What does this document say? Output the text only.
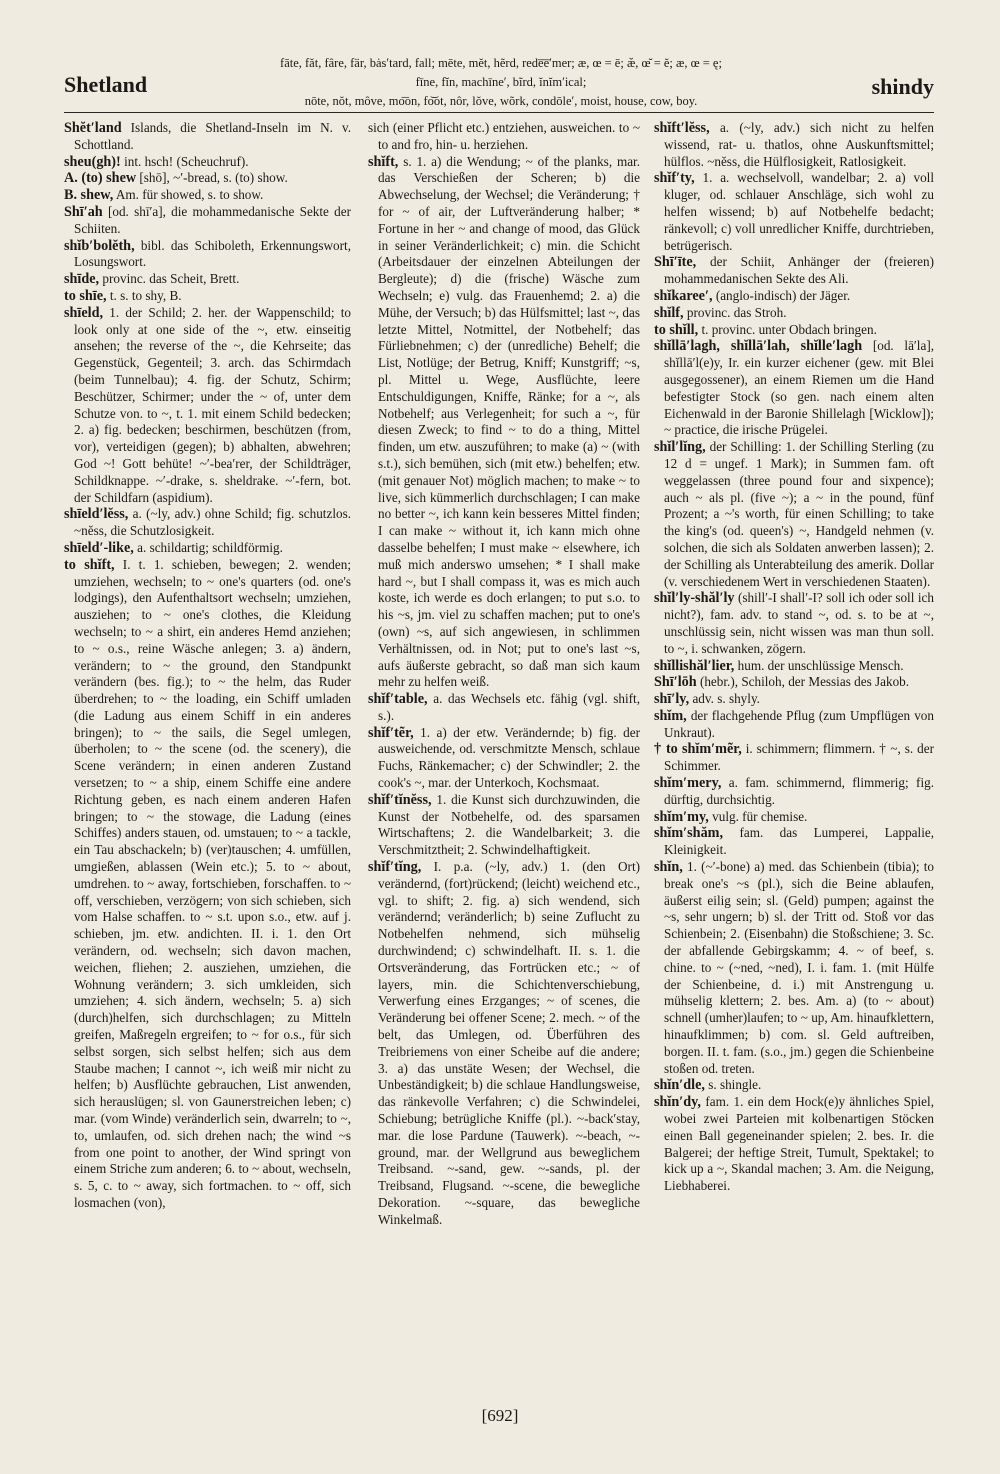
Shetland
fāte, făt, fâre, fär, bȧs′tard, fall; mēte, mĕt, hẽrd, rede̅e̅′mer; æ, œ = ē; æ̆, œ̆ = ĕ; æ, œ = ę;
fīne, fĭn, machīne′, bĩrd, ĭnĭm′ical;
nōte, nŏt, môve, mo͞on, fo͝ot, nôr, lŏve, wõrk, condōle′, moist, house, cow, boy.
shindy
Shĕt′land Islands, die Shetland-Inseln im N. v. Schottland.
sheu(gh)! int. hsch! (Scheuchruf).
A. (to) shew [shō], ~′-bread, s. (to) show.
B. shew, Am. für showed, s. to show.
Shī′ah [od. shī′a], die mohammedanische Sekte der Schiiten.
shĭb′bolĕth, bibl. das Schiboleth, Erkennungswort, Losungswort.
shīde, provinc. das Scheit, Brett.
to shīe, t. s. to shy, B.
shīeld, 1. der Schild; 2. her. der Wappenschild; to look only at one side of the ~, etw. einseitig ansehen; the reverse of the ~, die Kehrseite; das Gegenstück, Gegenteil; 3. arch. das Schirmdach (beim Tunnelbau); 4. fig. der Schutz, Schirm; Beschützer, Schirmer; under the ~ of, unter dem Schutze von. to ~, t. 1. mit einem Schild bedecken; 2. a) fig. bedecken; beschirmen, beschützen (from, vor), verteidigen (gegen); b) abhalten, abwehren; God ~! Gott behüte! ~′-bea′rer, der Schildträger, Schildknappe. ~′-drake, s. sheldrake. ~′-fern, bot. der Schildfarn (aspidium).
shīeld′lĕss, a. (~ly, adv.) ohne Schild; fig. schutzlos. ~nĕss, die Schutzlosigkeit.
shīeld′-like, a. schildartig; schildförmig.
to shĭft, I. t. 1. schieben, bewegen; 2. wenden; umziehen, wechseln; to ~ one's quarters (od. one's lodgings), den Aufenthaltsort wechseln; umziehen, ausziehen; to ~ one's clothes, die Kleidung wechseln; to ~ a shirt, ein anderes Hemd anziehen; to ~ o.s., reine Wäsche anlegen; 3. a) ändern, verändern; to ~ the ground, den Standpunkt verändern (bes. fig.); to ~ the helm, das Ruder überdrehen; to ~ the loading, ein Schiff umladen (die Ladung aus einem Schiff in ein anderes bringen); to ~ the sails, die Segel umlegen, überholen; to ~ the scene (od. the scenery), die Scene verändern; in einen anderen Zustand versetzen; to ~ a ship, einem Schiffe eine andere Richtung geben, es nach einem anderen Hafen bringen; to ~ the stowage, die Ladung (eines Schiffes) anders stauen, od. umstauen; to ~ a tackle, ein Tau abschackeln; b) (ver)tauschen; 4. umfüllen, umgießen, ablassen (Wein etc.); 5. to ~ about, umdrehen. to ~ away, fortschieben, forschaffen. to ~ off, verschieben, verzögern; von sich schieben, sich vom Halse schaffen. to ~ s.t. upon s.o., etw. auf j. schieben, jm. etw. andichten. II. i. 1. den Ort verändern, od. wechseln; sich davon machen, weichen, fliehen; 2. ausziehen, umziehen, die Wohnung verändern; 3. sich umkleiden, sich umziehen; 4. sich ändern, wechseln; 5. a) sich (durch)helfen, sich durchschlagen; zu Mitteln greifen, Maßregeln ergreifen; to ~ for o.s., für sich selbst sorgen, sich selbst helfen; sich aus dem Staube machen; I cannot ~, ich weiß mir nicht zu helfen; b) Ausflüchte gebrauchen, List anwenden, sich herauslügen; sl. von Gaunerstreichen leben; c) mar. (vom Winde) veränderlich sein, dwarreln; to ~, to, umlaufen, od. sich drehen nach; the wind ~s from one point to another, der Wind springt von einem Striche zum anderen; 6. to ~ about, wechseln, s. 5, c. to ~ away, sich fortmachen. to ~ off, sich losmachen (von),
sich (einer Pflicht etc.) entziehen, ausweichen. to ~ to and fro, hin- u. herziehen.
shĭft, s. 1. a) die Wendung; ~ of the planks, mar. das Verschießen der Scheren; b) die Abwechselung, der Wechsel; die Veränderung; † for ~ of air, der Luftveränderung halber; * Fortune in her ~ and change of mood, das Glück in seiner Veränderlichkeit; c) min. die Schicht (Arbeitsdauer der einzelnen Abteilungen der Bergleute); d) die (frische) Wäsche zum Wechseln; e) vulg. das Frauenhemd; 2. a) die Mühe, der Versuch; b) das Hülfsmittel; last ~, das letzte Mittel, Notmittel, der Notbehelf; das Fürliebnehmen; c) der (unredliche) Behelf; die List, Notlüge; der Betrug, Kniff; Kunstgriff; ~s, pl. Mittel u. Wege, Ausflüchte, leere Entschuldigungen, Kniffe, Ränke; for a ~, als Notbehelf; aus Verlegenheit; for such a ~, für diesen Zweck; to find ~ to do a thing, Mittel finden, um etw. auszuführen; to make (a) ~ (with s.t.), sich bemühen, sich (mit etw.) behelfen; etw. (mit genauer Not) möglich machen; to make ~ to live, sich kümmerlich durchschlagen; I can make no better ~, ich kann kein besseres Mittel finden; I can make ~ without it, ich kann mich ohne dasselbe behelfen; I must make ~ elsewhere, ich muß mich anderswo umsehen; * I shall make hard ~, but I shall compass it, was es mich auch koste, ich werde es doch erlangen; to put s.o. to his ~s, jm. viel zu schaffen machen; put to one's (own) ~s, auf sich angewiesen, in schlimmen Verhältnissen, od. in Not; put to one's last ~s, aufs äußerste gebracht, so daß man sich kaum mehr zu helfen weiß.
shĭf′table, a. das Wechsels etc. fähig (vgl. shift, s.).
shĭf′tẽr, 1. a) der etw. Verändernde; b) fig. der ausweichende, od. verschmitzte Mensch, schlaue Fuchs, Ränkemacher; c) der Schwindler; 2. the cook's ~, mar. der Unterkoch, Kochsmaat.
shĭf′tĭnĕss, 1. die Kunst sich durchzuwinden, die Kunst der Notbehelfe, od. des sparsamen Wirtschaftens; 2. die Wandelbarkeit; 3. die Verschmitztheit; 2. Schwindelhaftigkeit.
shĭf′tĭng, I. p.a. (~ly, adv.) 1. (den Ort) verändernd, (fort)rückend; (leicht) weichend etc., vgl. to shift; 2. fig. a) sich wendend, sich verändernd; veränderlich; b) seine Zuflucht zu Notbehelfen nehmend, sich mühselig durchwindend; c) schwindelhaft. II. s. 1. die Ortsveränderung, das Fortrücken etc.; ~ of layers, min. die Schichtenverschiebung, Verwerfung eines Erzganges; ~ of scenes, die Veränderung bei offener Scene; 2. mech. ~ of the belt, das Umlegen, od. Überführen des Treibriemens von einer Scheibe auf die andere; 3. a) das unstäte Wesen; der Wechsel, die Unbeständigkeit; b) die schlaue Handlungsweise, das ränkevolle Verfahren; c) die Schwindelei, Schiebung; betrügliche Kniffe (pl.). ~-back′stay, mar. die lose Pardune (Tauwerk). ~-beach, ~-ground, mar. der Wellgrund aus beweglichem Treibsand. ~-sand, gew. ~-sands, pl. der Treibsand, Flugsand. ~-scene, die bewegliche Dekoration. ~-square, das bewegliche Winkelmaß.
shĭft′lĕss, a. (~ly, adv.) sich nicht zu helfen wissend, rat- u. thatlos, ohne Auskunftsmittel; hülflos. ~nĕss, die Hülflosigkeit, Ratlosigkeit.
shĭf′ty, 1. a. wechselvoll, wandelbar; 2. a) voll kluger, od. schlauer Anschläge, sich wohl zu helfen wissend; b) auf Notbehelfe bedacht; ränkevoll; c) voll unredlicher Kniffe, durchtrieben, betrügerisch.
Shī′īte, der Schiit, Anhänger der (freieren) mohammedanischen Sekte des Ali.
shĭkaree′, (anglo-indisch) der Jäger.
shĭlf, provinc. das Stroh.
to shĭll, t. provinc. unter Obdach bringen.
shĭllā′lagh, shĭllā′lah, shĭlle′lagh [od. lā′la], shĭllā′l(e)y, Ir. ein kurzer eichener (gew. mit Blei ausgegossener), an einem Riemen um die Hand befestigter Stock (so gen. nach einem alten Eichenwald in der Baronie Shillelagh [Wicklow]); ~ practice, die irische Prügelei.
shĭl′lĭng, der Schilling: 1. der Schilling Sterling (zu 12 d = ungef. 1 Mark); in Summen fam. oft weggelassen (three pound four and sixpence); auch ~ als pl. (five ~); a ~ in the pound, fünf Prozent; a ~'s worth, für einen Schilling; to take the king's (od. queen's) ~, Handgeld nehmen (v. solchen, die sich als Soldaten anwerben lassen); 2. der Schilling als Unterabteilung des amerik. Dollar (v. verschiedenem Wert in verschiedenen Staaten).
shĭl′ly-shăl′ly (shill′-I shall′-I? soll ich oder soll ich nicht?), fam. adv. to stand ~, od. s. to be at ~, unschlüssig sein, nicht wissen was man thun soll. to ~, i. schwanken, zögern.
shĭllishăl′lier, hum. der unschlüssige Mensch.
Shī′lōh (hebr.), Schiloh, der Messias des Jakob.
shī′ly, adv. s. shyly.
shĭm, der flachgehende Pflug (zum Umpflügen von Unkraut).
† to shĭm′mẽr, i. schimmern; flimmern. † ~, s. der Schimmer.
shĭm′mery, a. fam. schimmernd, flimmerig; fig. dürftig, durchsichtig.
shĭm′my, vulg. für chemise.
shĭm′shăm, fam. das Lumperei, Lappalie, Kleinigkeit.
shĭn, 1. (~′-bone) a) med. das Schienbein (tibia); to break one's ~s (pl.), sich die Beine ablaufen, äußerst eilig sein; sl. (Geld) pumpen; against the ~s, sehr ungern; b) sl. der Tritt od. Stoß vor das Schienbein; 2. (Eisenbahn) die Stoßschiene; 3. Sc. der abfallende Gebirgskamm; 4. ~ of beef, s. chine. to ~ (~ned, ~ned), I. i. fam. 1. (mit Hülfe der Schienbeine, d. i.) mit Anstrengung u. mühselig klettern; 2. bes. Am. a) (to ~ about) schnell (umher)laufen; to ~ up, Am. hinaufklettern, hinaufklimmen; b) com. sl. Geld auftreiben, borgen. II. t. fam. (s.o., jm.) gegen die Schienbeine stoßen od. treten.
shĭn′dle, s. shingle.
shĭn′dy, fam. 1. ein dem Hock(e)y ähnliches Spiel, wobei zwei Parteien mit kolbenartigen Stöcken einen Ball gegeneinander spielen; 2. bes. Ir. die Balgerei; der heftige Streit, Tumult, Spektakel; to kick up a ~, Skandal machen; 3. Am. die Neigung, Liebhaberei.
[692]
